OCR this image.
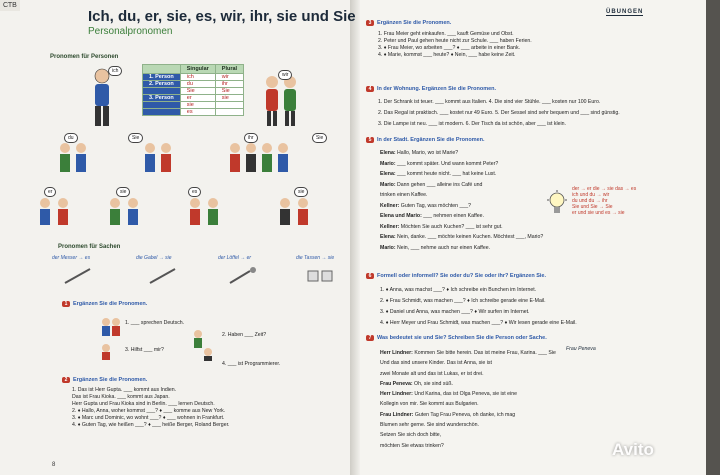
СТВ
Ich, du, er, sie, es, wir, ihr, sie und Sie
Personalpronomen
Pronomen für Personen
	Singular	Plural
1. Person	ich	wir
2. Person	du	ihr
	Sie	Sie
3. Person	er	sie
	sie	
	es	
ich
wir
du	Sie	ihr	Sie
er	sie	es	sie
Pronomen für Sachen
der Messer → es	die Gabel → sie	der Löffel → er	die Tassen → sie
1 Ergänzen Sie die Pronomen.
1. ___ sprechen Deutsch.
2. Haben ___ Zeit?
3. Hilfst ___ mir?
4. ___ ist Programmierer.
2 Ergänzen Sie die Pronomen.
1. Das ist Herr Gupta. ___ kommt aus Indien.
Das ist Frau Kioka. ___ kommt aus Japan.
Herr Gupta und Frau Kioka sind in Berlin. ___ lernen Deutsch.
2. ♦ Hallo, Anna, woher kommst ___? ♦ ___ komme aus New York.
3. ♦ Marc und Dominic, wo wohnt ___? ♦ ___ wohnen in Frankfurt.
4. ♦ Guten Tag, wie heißen ___? ♦ ___ heiße Berger, Roland Berger.
8
ÜBUNGEN
3 Ergänzen Sie die Pronomen.
1. Frau Meier geht einkaufen. ___ kauft Gemüse und Obst.
2. Peter und Paul gehen heute nicht zur Schule. ___ haben Ferien.
3. ♦ Frau Meier, wo arbeiten ___? ♦ ___ arbeite in einer Bank.
4. ♦ Marie, kommst ___ heute? ♦ Nein, ___ habe keine Zeit.
4 In der Wohnung. Ergänzen Sie die Pronomen.
1. Der Schrank ist teuer. ___ kommt aus Italien. 4. Die sind vier Stühle. ___ kosten nur 100 Euro.
2. Das Regal ist praktisch. ___ kostet nur 49 Euro. 5. Der Sessel sind sehr bequem und ___ sind günstig.
3. Die Lampe ist neu. ___ ist modern. 6. Der Tisch da ist schön, aber ___ ist klein.
5 In der Stadt. Ergänzen Sie die Pronomen.
Elena: Hallo, Mario, wo ist Marie?
Mario: ___ kommt später. Und wann kommt Peter?
Elena: ___ kommt heute nicht. ___ hat keine Lust.
Mario: Dann gehen ___ alleine ins Café und
trinken einen Kaffee.
Kellner: Guten Tag, was möchten ___?
Elena und Mario: ___ nehmen einen Kaffee.
Kellner: Möchten Sie auch Kuchen? ___ ist sehr gut.
Elena: Nein, danke. ___ möchte keinen Kuchen. Möchtest ___, Mario?
Mario: Nein, ___ nehme auch nur einen Kaffee.
der → er die → sie das → es
ich und du → wir
du und du → ihr
Sie und Sie → Sie
er und sie und es → sie
6 Formell oder informell? Sie oder du? Sie oder ihr? Ergänzen Sie.
1. ♦ Anna, was machst ___? ♦ Ich schreibe ein Bunchen im Internet.
2. ♦ Frau Schmidt, was machen ___? ♦ Ich schreibe gerade eine E-Mail.
3. ♦ Daniel und Anna, was machen ___? ♦ Wir surfen im Internet.
4. ♦ Herr Meyer und Frau Schmidt, was machen ___? ♦ Wir lesen gerade eine E-Mail.
7 Was bedeutet sie und Sie? Schreiben Sie die Person oder Sache.
Frau Peneva
Herr Lindner: Kommen Sie bitte herein. Das ist meine Frau, Karina. ___ Sie
Und das sind unsere Kinder. Das ist Anna, sie ist
zwei Monate alt und das ist Lukas, er ist drei.
Frau Peneva: Oh, sie sind süß.
Herr Lindner: Und Karina, das ist Olga Peneva, sie ist eine
Kollegin von mir. Sie kommt aus Bulgarien.
Frau Lindner: Guten Tag Frau Peneva, oh danke, ich mag
Blumen sehr gerne. Sie sind wunderschön.
Setzen Sie sich doch bitte,
möchten Sie etwas trinken?	Avito
